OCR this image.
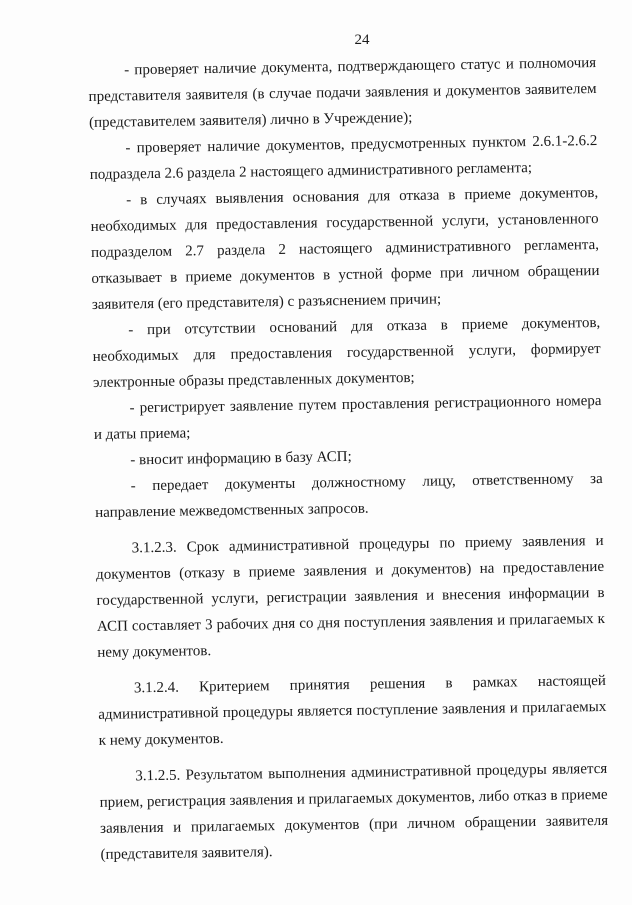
24

- проверяет наличие документа, подтверждающего статус и полномочия представителя заявителя (в случае подачи заявления и документов заявителем (представителем заявителя) лично в Учреждение);

- проверяет наличие документов, предусмотренных пунктом 2.6.1-2.6.2 подраздела 2.6 раздела 2 настоящего административного регламента;

- в случаях выявления основания для отказа в приеме документов, необходимых для предоставления государственной услуги, установленного подразделом 2.7 раздела 2 настоящего административного регламента, отказывает в приеме документов в устной форме при личном обращении заявителя (его представителя) с разъяснением причин;

- при отсутствии оснований для отказа в приеме документов, необходимых для предоставления государственной услуги, формирует электронные образы представленных документов;

- регистрирует заявление путем проставления регистрационного номера и даты приема;

- вносит информацию в базу АСП;

- передает документы должностному лицу, ответственному за направление межведомственных запросов.

3.1.2.3. Срок административной процедуры по приему заявления и документов (отказу в приеме заявления и документов) на предоставление государственной услуги, регистрации заявления и внесения информации в АСП составляет 3 рабочих дня со дня поступления заявления и прилагаемых к нему документов.

3.1.2.4. Критерием принятия решения в рамках настоящей административной процедуры является поступление заявления и прилагаемых к нему документов.

3.1.2.5. Результатом выполнения административной процедуры является прием, регистрация заявления и прилагаемых документов, либо отказ в приеме заявления и прилагаемых документов (при личном обращении заявителя (представителя заявителя).
